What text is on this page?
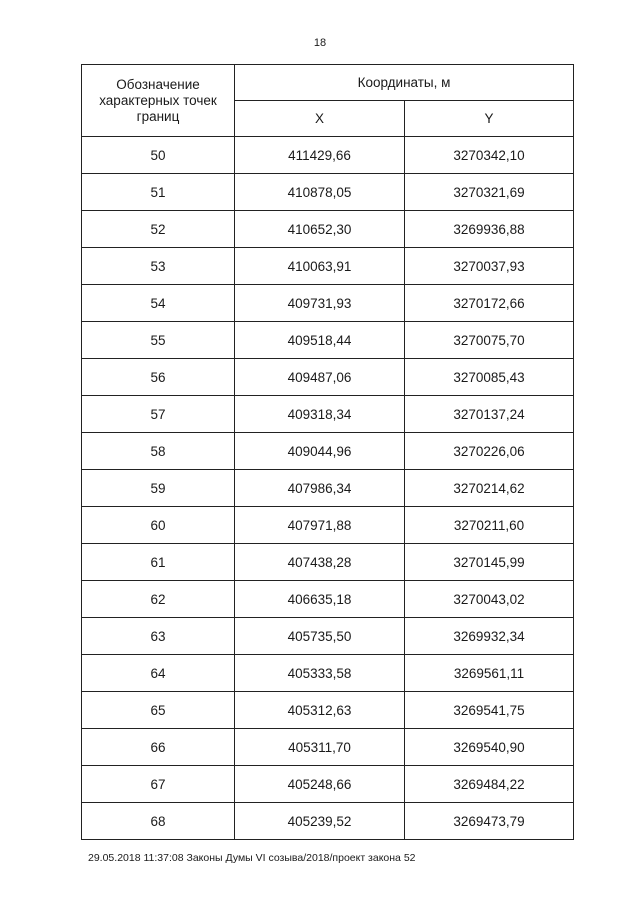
18
Обозначение характерных точек границ	Координаты, м	
	X	Y
50	411429,66	3270342,10
51	410878,05	3270321,69
52	410652,30	3269936,88
53	410063,91	3270037,93
54	409731,93	3270172,66
55	409518,44	3270075,70
56	409487,06	3270085,43
57	409318,34	3270137,24
58	409044,96	3270226,06
59	407986,34	3270214,62
60	407971,88	3270211,60
61	407438,28	3270145,99
62	406635,18	3270043,02
63	405735,50	3269932,34
64	405333,58	3269561,11
65	405312,63	3269541,75
66	405311,70	3269540,90
67	405248,66	3269484,22
68	405239,52	3269473,79
29.05.2018 11:37:08 Законы Думы VI созыва/2018/проект закона 52
